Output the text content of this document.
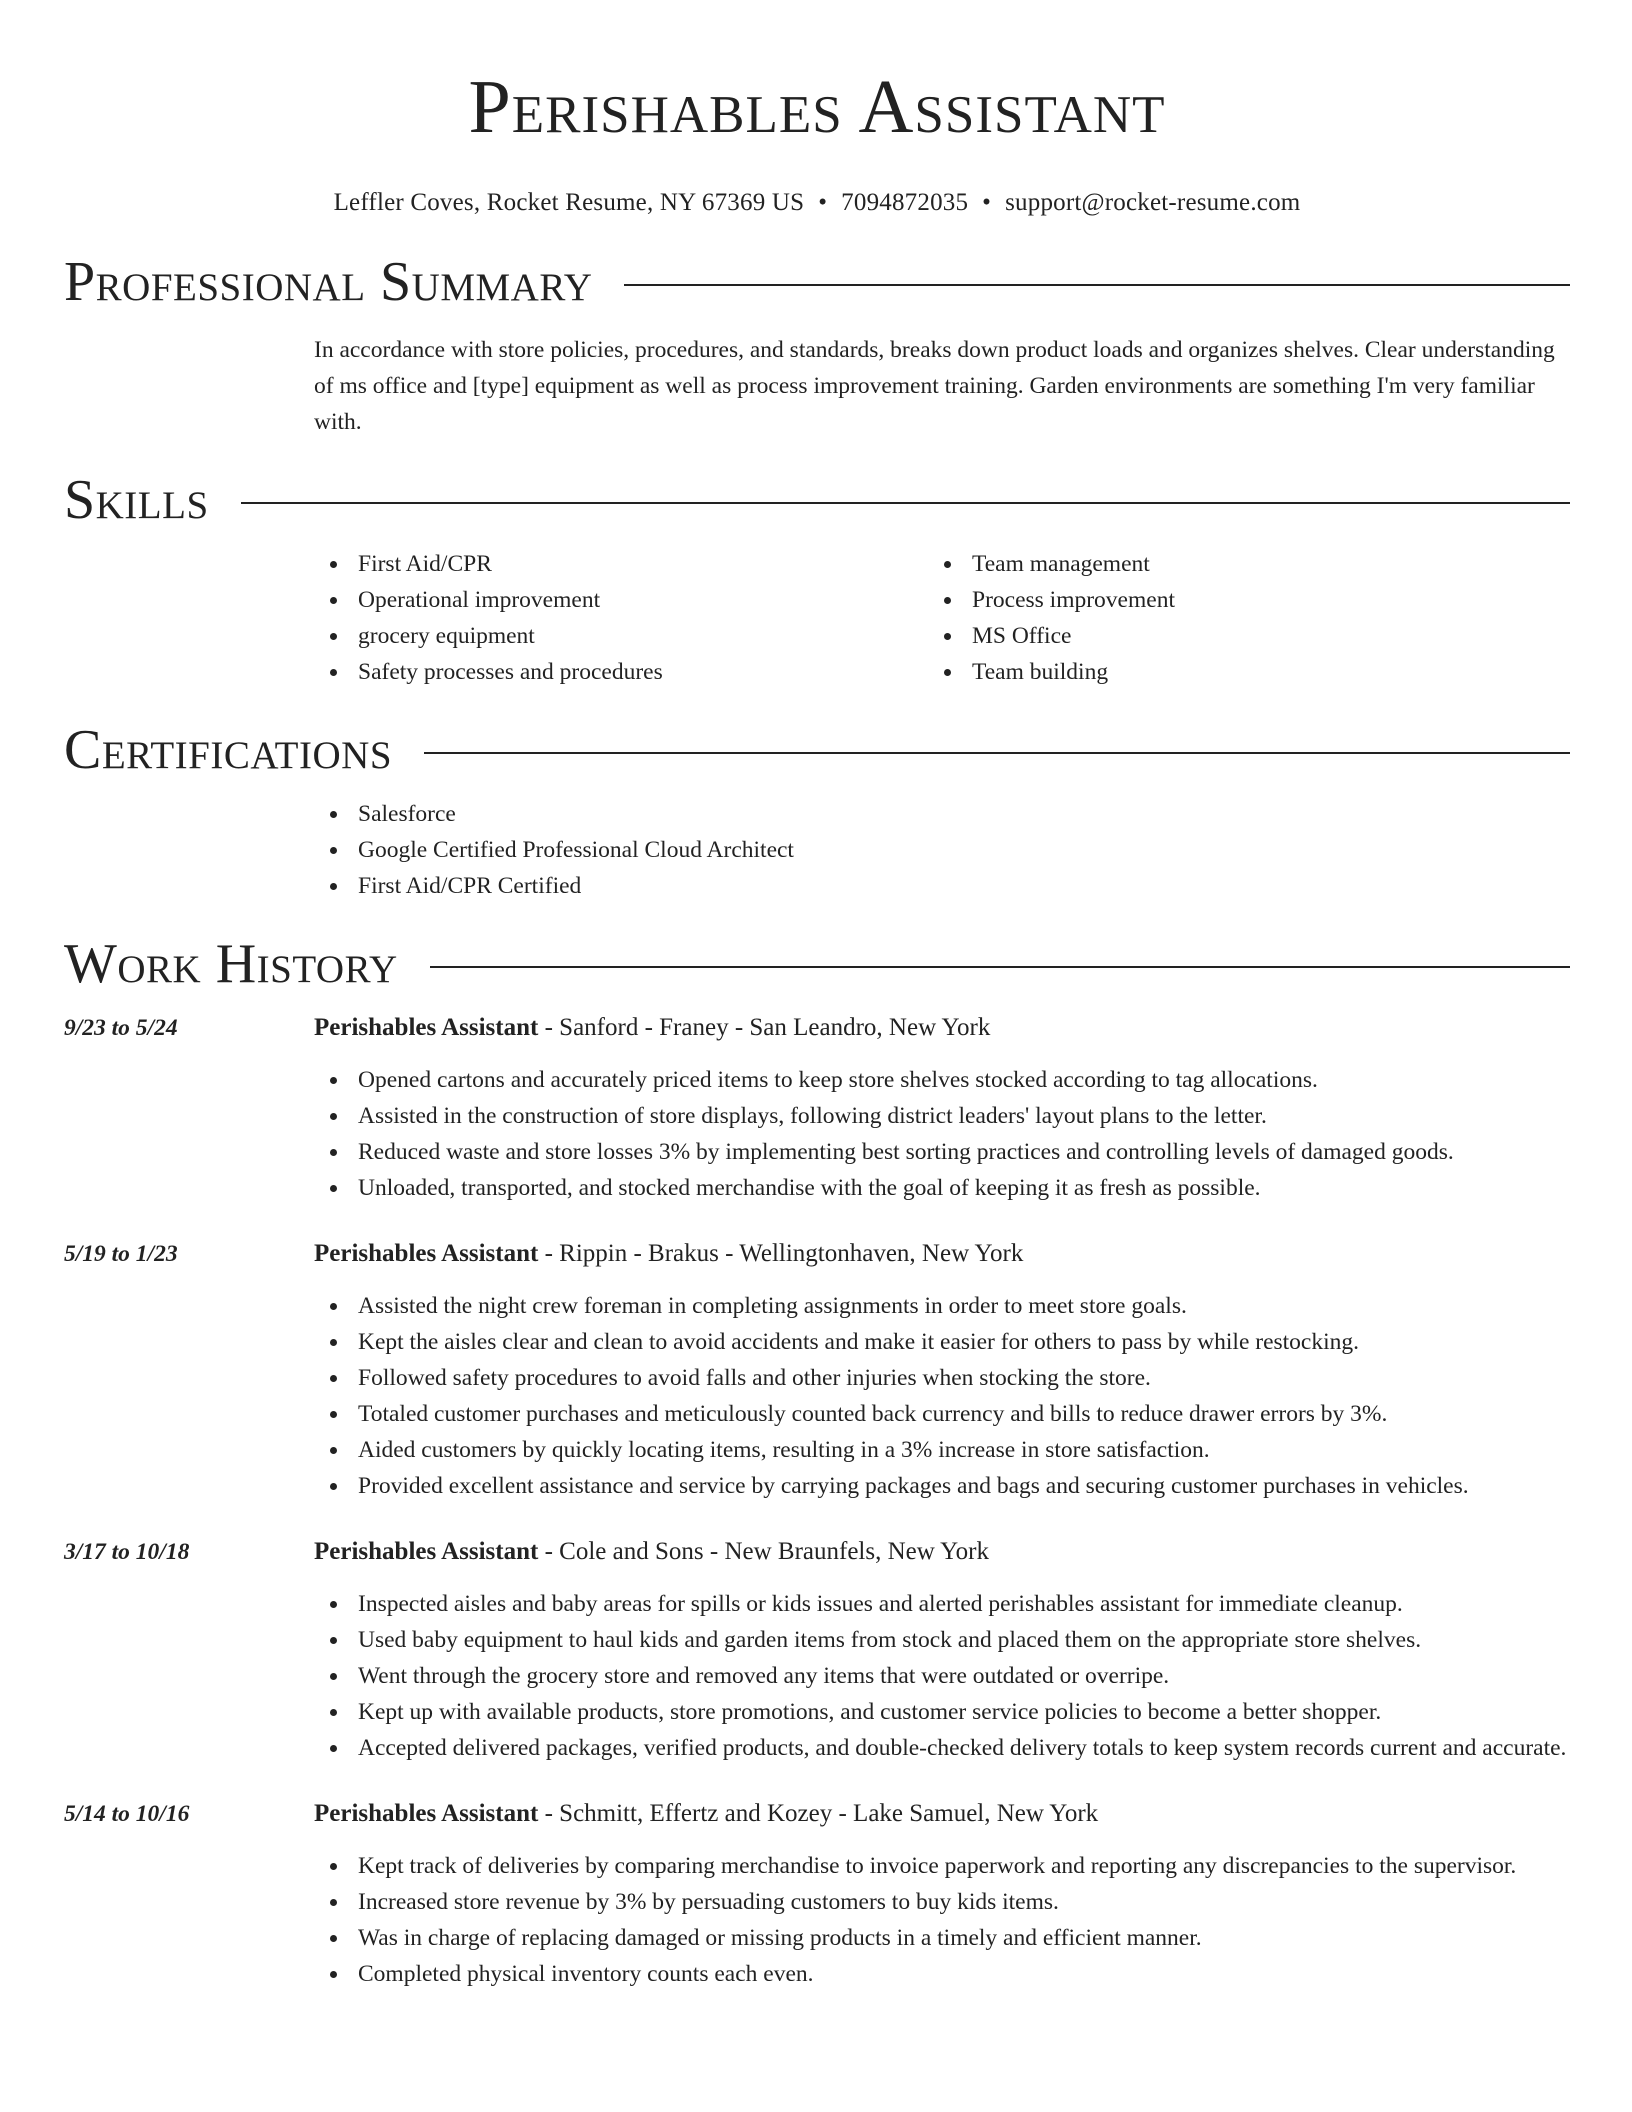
Perishables Assistant
Leffler Coves, Rocket Resume, NY 67369 US • 7094872035 • support@rocket-resume.com
Professional Summary
In accordance with store policies, procedures, and standards, breaks down product loads and organizes shelves. Clear understanding of ms office and [type] equipment as well as process improvement training. Garden environments are something I'm very familiar with.
Skills
First Aid/CPR
Operational improvement
grocery equipment
Safety processes and procedures
Team management
Process improvement
MS Office
Team building
Certifications
Salesforce
Google Certified Professional Cloud Architect
First Aid/CPR Certified
Work History
9/23 to 5/24	Perishables Assistant - Sanford - Franey - San Leandro, New York
Opened cartons and accurately priced items to keep store shelves stocked according to tag allocations.
Assisted in the construction of store displays, following district leaders' layout plans to the letter.
Reduced waste and store losses 3% by implementing best sorting practices and controlling levels of damaged goods.
Unloaded, transported, and stocked merchandise with the goal of keeping it as fresh as possible.
5/19 to 1/23	Perishables Assistant - Rippin - Brakus - Wellingtonhaven, New York
Assisted the night crew foreman in completing assignments in order to meet store goals.
Kept the aisles clear and clean to avoid accidents and make it easier for others to pass by while restocking.
Followed safety procedures to avoid falls and other injuries when stocking the store.
Totaled customer purchases and meticulously counted back currency and bills to reduce drawer errors by 3%.
Aided customers by quickly locating items, resulting in a 3% increase in store satisfaction.
Provided excellent assistance and service by carrying packages and bags and securing customer purchases in vehicles.
3/17 to 10/18	Perishables Assistant - Cole and Sons - New Braunfels, New York
Inspected aisles and baby areas for spills or kids issues and alerted perishables assistant for immediate cleanup.
Used baby equipment to haul kids and garden items from stock and placed them on the appropriate store shelves.
Went through the grocery store and removed any items that were outdated or overripe.
Kept up with available products, store promotions, and customer service policies to become a better shopper.
Accepted delivered packages, verified products, and double-checked delivery totals to keep system records current and accurate.
5/14 to 10/16	Perishables Assistant - Schmitt, Effertz and Kozey - Lake Samuel, New York
Kept track of deliveries by comparing merchandise to invoice paperwork and reporting any discrepancies to the supervisor.
Increased store revenue by 3% by persuading customers to buy kids items.
Was in charge of replacing damaged or missing products in a timely and efficient manner.
Completed physical inventory counts each even.
